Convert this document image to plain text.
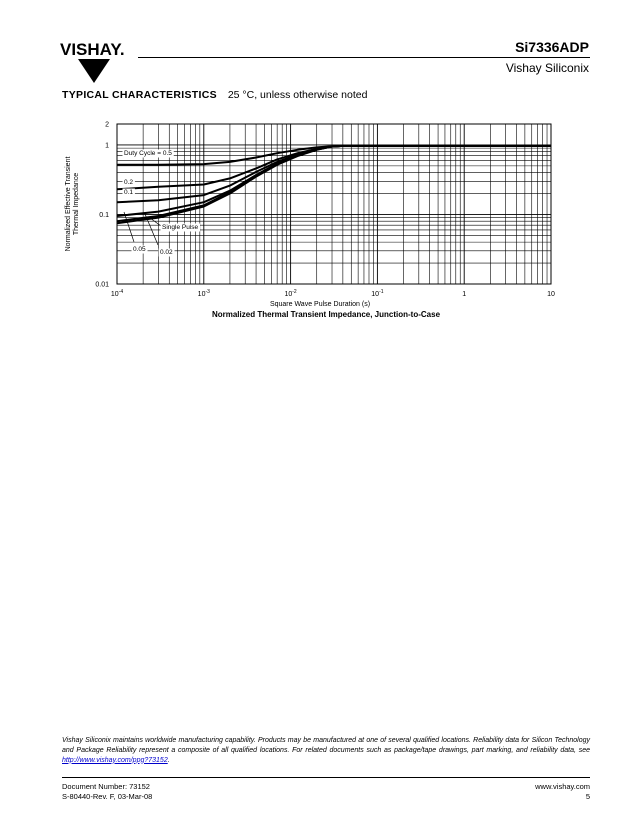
VISHAY.	Si7336ADP
Vishay Siliconix
TYPICAL CHARACTERISTICS 25 °C, unless otherwise noted
$10^{-4}$	$10^{-3}$	$10^{-2}$	$10^{-1}$	1	10
0.01
0.1
1
2
Duty Cycle = 0.5
0.2
0.1
0.05 0.02
Single Pulse
Normalized Effective Transient Thermal Impedance
Square Wave Pulse Duration (s)
Normalized Thermal Transient Impedance, Junction-to-Case
Vishay Siliconix maintains worldwide manufacturing capability. Products may be manufactured at one of several qualified locations. Reliability data for Silicon Technology and Package Reliability represent a composite of all qualified locations. For related documents such as package/tape drawings, part marking, and reliability data, see http://www.vishay.com/ppg?73152.
Document Number: 73152
S-80440-Rev. F, 03-Mar-08
www.vishay.com
5
